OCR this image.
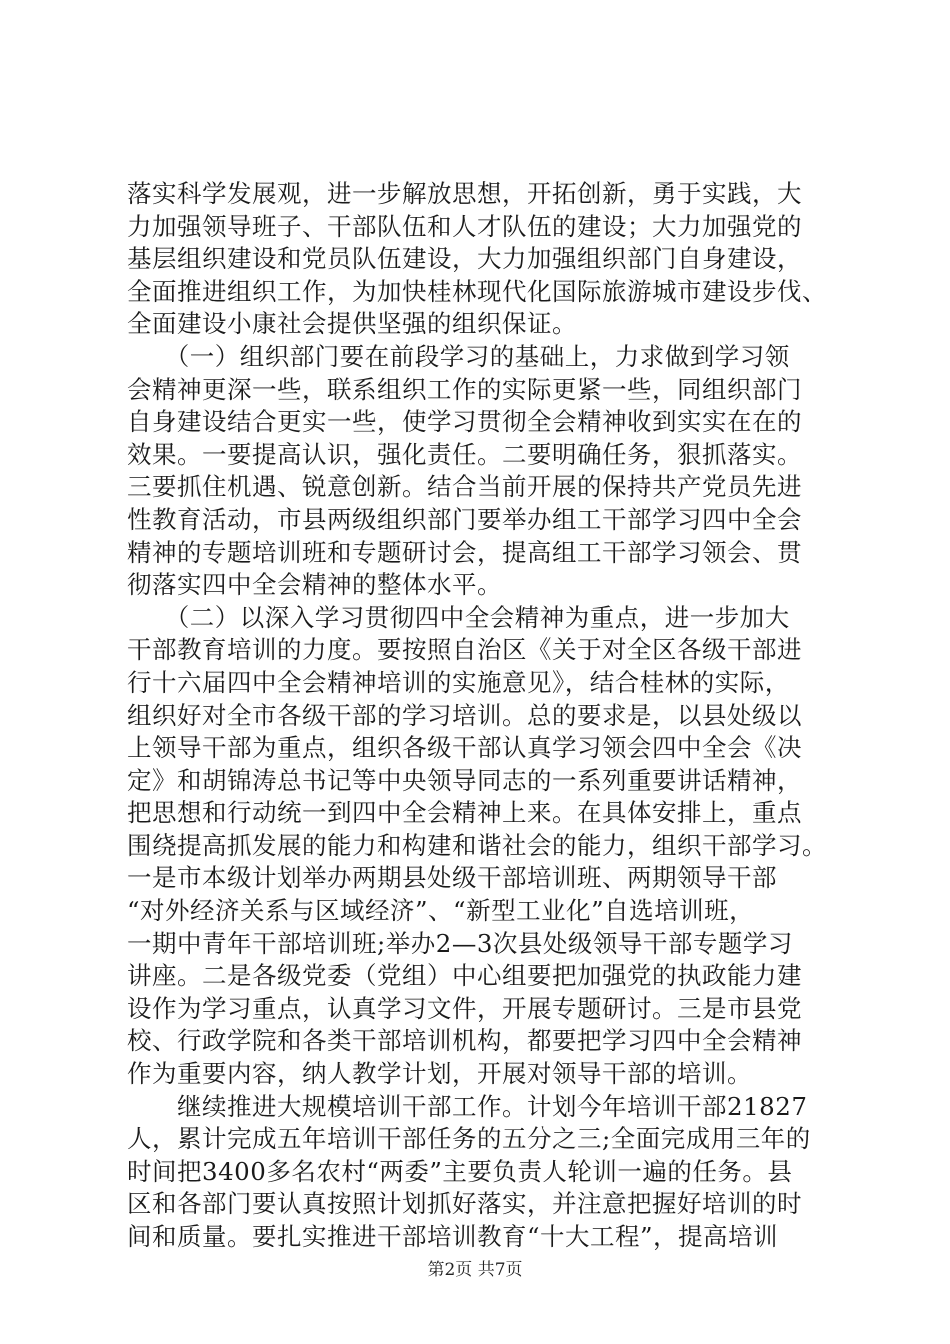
落实科学发展观，进一步解放思想，开拓创新，勇于实践，大
力加强领导班子、干部队伍和人才队伍的建设；大力加强党的
基层组织建设和党员队伍建设，大力加强组织部门自身建设，
全面推进组织工作，为加快桂林现代化国际旅游城市建设步伐、
全面建设小康社会提供坚强的组织保证。
　　（一）组织部门要在前段学习的基础上，力求做到学习领
会精神更深一些，联系组织工作的实际更紧一些，同组织部门
自身建设结合更实一些，使学习贯彻全会精神收到实实在在的
效果。一要提高认识，强化责任。二要明确任务，狠抓落实。
三要抓住机遇、锐意创新。结合当前开展的保持共产党员先进
性教育活动，市县两级组织部门要举办组工干部学习四中全会
精神的专题培训班和专题研讨会，提高组工干部学习领会、贯
彻落实四中全会精神的整体水平。
　　（二）以深入学习贯彻四中全会精神为重点，进一步加大
干部教育培训的力度。要按照自治区《关于对全区各级干部进
行十六届四中全会精神培训的实施意见》，结合桂林的实际，
组织好对全市各级干部的学习培训。总的要求是，以县处级以
上领导干部为重点，组织各级干部认真学习领会四中全会《决
定》和胡锦涛总书记等中央领导同志的一系列重要讲话精神，
把思想和行动统一到四中全会精神上来。在具体安排上，重点
围绕提高抓发展的能力和构建和谐社会的能力，组织干部学习。
一是市本级计划举办两期县处级干部培训班、两期领导干部
“对外经济关系与区域经济”、“新型工业化”自选培训班，
一期中青年干部培训班;举办2—3次县处级领导干部专题学习
讲座。二是各级党委（党组）中心组要把加强党的执政能力建
设作为学习重点，认真学习文件，开展专题研讨。三是市县党
校、行政学院和各类干部培训机构，都要把学习四中全会精神
作为重要内容，纳人教学计划，开展对领导干部的培训。
　　继续推进大规模培训干部工作。计划今年培训干部21827
人，累计完成五年培训干部任务的五分之三;全面完成用三年的
时间把3400多名农村“两委”主要负责人轮训一遍的任务。县
区和各部门要认真按照计划抓好落实，并注意把握好培训的时
间和质量。要扎实推进干部培训教育“十大工程”，提高培训
第2页 共7页
